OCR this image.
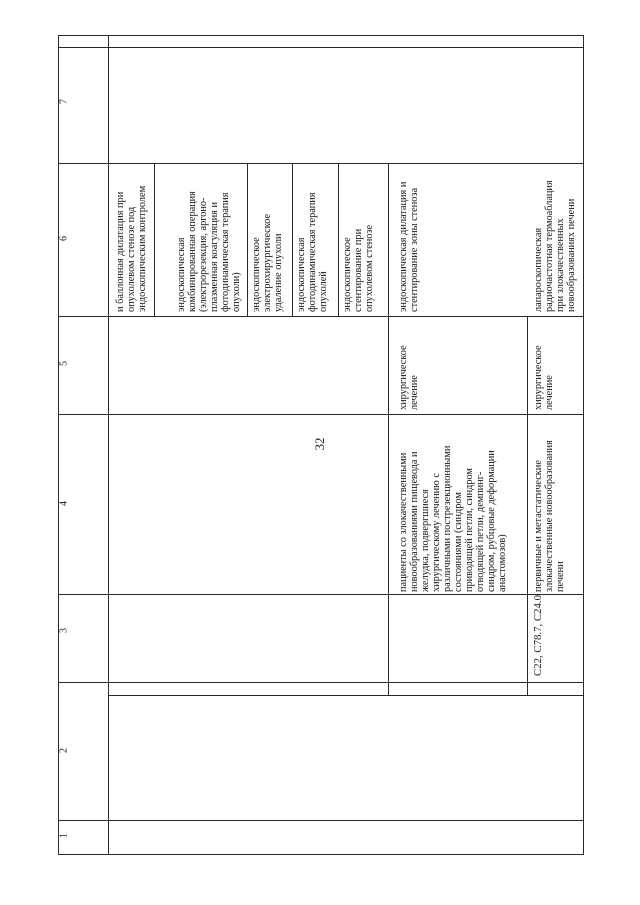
32
1
2
3
4
5
6
7
пациенты со злокачественными
новообразованиями пищевода и
желудка, подвергшиеся
хирургическому лечению с
различными пострезекционными
состояниями (синдром
приводящей петли, синдром
отводящей петли, демпинг-
синдром, рубцовые деформации
анастомозов)
хирургическое
лечение
и баллонная дилатация при
опухолевом стенозе под
эндоскопическим контролем
эндоскопическая
комбинированная операция
(электрорезекция, аргоно-
плазменная коагуляция и
фотодинамическая терапия
опухоли) эндоскопическое
электрохирургическое
удаление опухоли эндоскопическая
фотодинамическая терапия
опухолей эндоскопическое
стентирование при
опухолевом стенозе эндоскопическая дилатация и
стентирование зоны стеноза
C22, C78.7, C24.0
первичные и метастатические
злокачественные новообразования
печени
хирургическое
лечение
лапароскопическая
радиочастотная термоаблация
при злокачественных
новообразованиях печени
